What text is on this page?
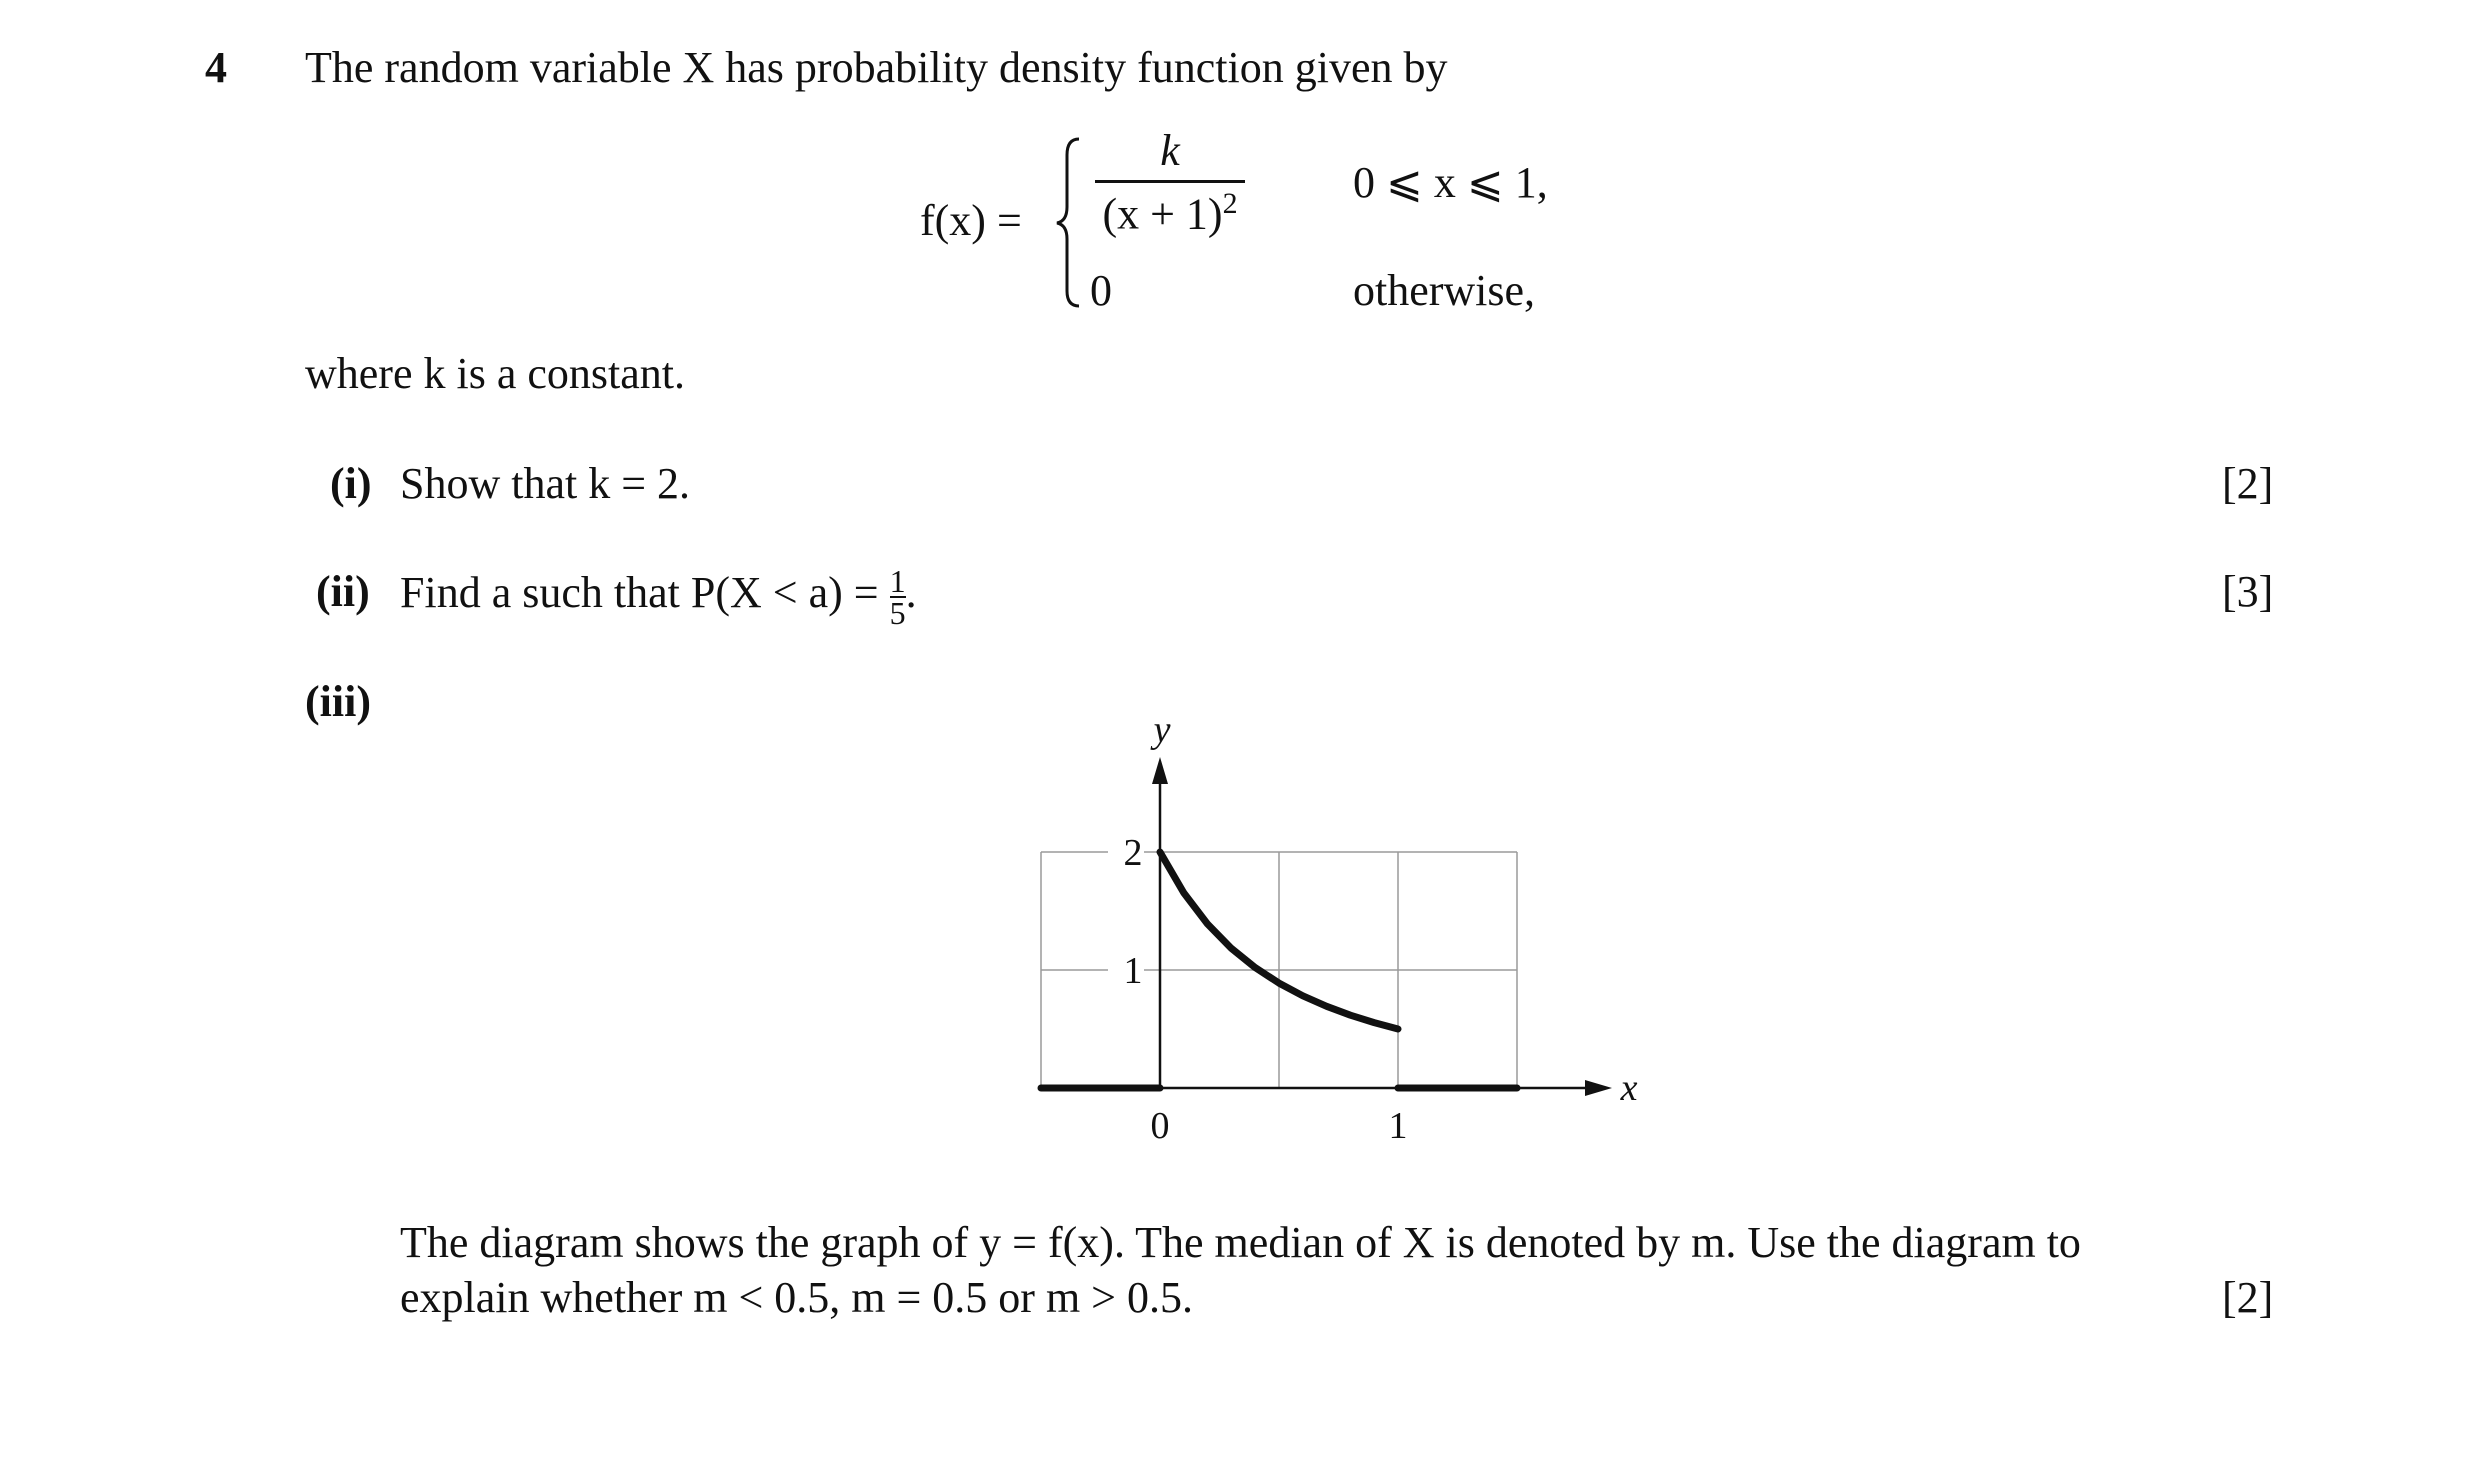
4 The random variable X has probability density function given by
f(x) =
k
$(x + 1)^2$	0 ⩽ x ⩽ 1,
0	otherwise,
where k is a constant.
(i) Show that k = 2.	[2]
(ii) Find a such that $P(X < a) = \frac{1}{5}$ .	[3]
(iii)
0	1
1
2
x
y
The diagram shows the graph of y = f(x). The median of X is denoted by m. Use the diagram to
explain whether m < 0.5, m = 0.5 or m > 0.5.	[2]
